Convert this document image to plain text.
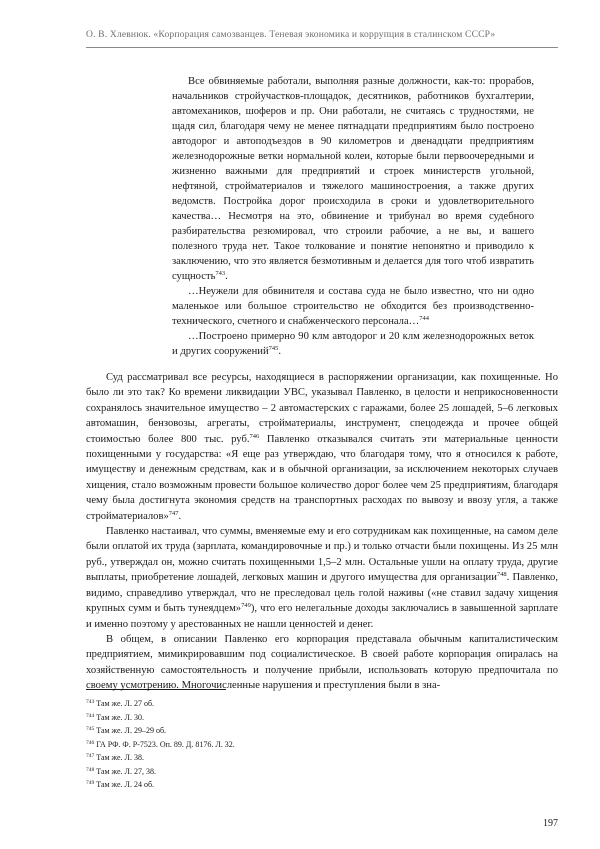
О. В. Хлевнюк. «Корпорация самозванцев. Теневая экономика и коррупция в сталинском СССР»

Все обвиняемые работали, выполняя разные должности, как-то: прорабов, начальников стройучастков-площадок, десятников, работников бухгалтерии, автомехаников, шоферов и пр. Они работали, не считаясь с трудностями, не щадя сил, благодаря чему не менее пятнадцати предприятиям было построено автодорог и автоподъездов в 90 километров и двенадцати предприятиям железнодорожные ветки нормальной колеи, которые были первоочередными и жизненно важными для предприятий и строек министерств угольной, нефтяной, стройматериалов и тяжелого машиностроения, а также других ведомств. Постройка дорог происходила в сроки и удовлетворительного качества… Несмотря на это, обвинение и трибунал во время судебного разбирательства резюмировал, что строили рабочие, а не вы, и вашего полезного труда нет. Такое толкование и понятие непонятно и приводило к заключению, что это является безмотивным и делается для того чтоб извратить сущность$^{743}$.

…Неужели для обвинителя и состава суда не было известно, что ни одно маленькое или большое строительство не обходится без производственно-технического, счетного и снабженческого персонала…$^{744}$

…Построено примерно 90 клм автодорог и 20 клм железнодорожных веток и других сооружений$^{745}$.

Суд рассматривал все ресурсы, находящиеся в распоряжении организации, как похищенные. Но было ли это так? Ко времени ликвидации УВС, указывал Павленко, в целости и неприкосновенности сохранялось значительное имущество – 2 автомастерских с гаражами, более 25 лошадей, 5–6 легковых автомашин, бензовозы, агрегаты, стройматериалы, инструмент, спецодежда и прочее общей стоимостью более 800 тыс. руб.$^{746}$ Павленко отказывался считать эти материальные ценности похищенными у государства: «Я еще раз утверждаю, что благодаря тому, что я относился к работе, имуществу и денежным средствам, как и в обычной организации, за исключением некоторых случаев хищения, стало возможным провести большое количество дорог более чем 25 предприятиям, благодаря чему была достигнута экономия средств на транспортных расходах по вывозу и ввозу угля, а также стройматериалов»$^{747}$.

Павленко настаивал, что суммы, вменяемые ему и его сотрудникам как похищенные, на самом деле были оплатой их труда (зарплата, командировочные и пр.) и только отчасти были похищены. Из 25 млн руб., утверждал он, можно считать похищенными 1,5–2 млн. Остальные ушли на оплату труда, другие выплаты, приобретение лошадей, легковых машин и другого имущества для организации$^{748}$. Павленко, видимо, справедливо утверждал, что не преследовал цель голой наживы («не ставил задачу хищения крупных сумм и быть тунеядцем»$^{749}$), что его нелегальные доходы заключались в завышенной зарплате и именно поэтому у арестованных не нашли ценностей и денег.

В общем, в описании Павленко его корпорация представала обычным капиталистическим предприятием, мимикрировавшим под социалистическое. В своей работе корпорация опиралась на хозяйственную самостоятельность и получение прибыли, использовать которую предпочитала по своему усмотрению. Многочисленные нарушения и преступления были в зна-

$^{743}$ Там же. Л. 27 об.
$^{744}$ Там же. Л. 30.
$^{745}$ Там же. Л. 29–29 об.
$^{746}$ ГА РФ. Ф. Р-7523. Оп. 89. Д. 8176. Л. 32.
$^{747}$ Там же. Л. 38.
$^{748}$ Там же. Л. 27, 38.
$^{749}$ Там же. Л. 24 об.
197
